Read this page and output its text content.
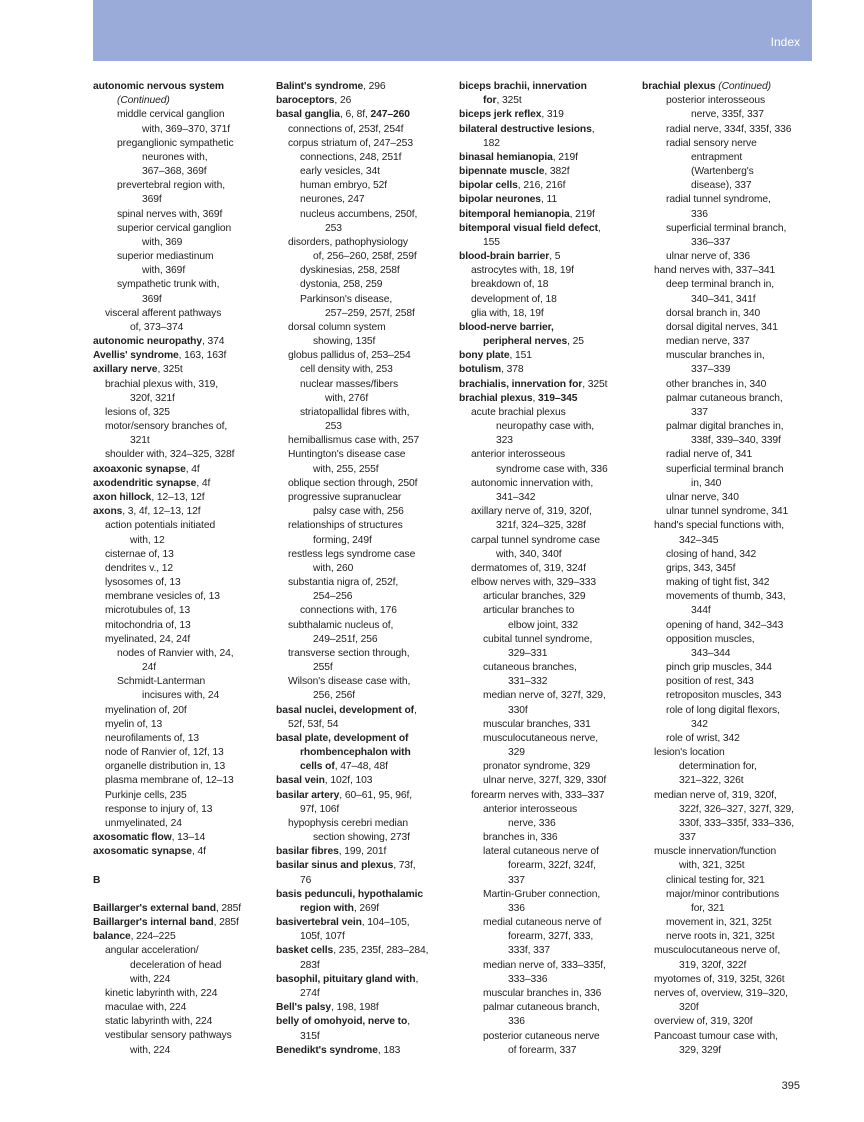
Index
autonomic nervous system
(Continued)
middle cervical ganglion
with, 369–370, 371f
preganglionic sympathetic
neurones with,
367–368, 369f
prevertebral region with,
369f
spinal nerves with, 369f
superior cervical ganglion
with, 369
superior mediastinum
with, 369f
sympathetic trunk with,
369f
visceral afferent pathways
of, 373–374
autonomic neuropathy, 374
Avellis' syndrome, 163, 163f
axillary nerve, 325t
brachial plexus with, 319,
320f, 321f
lesions of, 325
motor/sensory branches of,
321t
shoulder with, 324–325, 328f
axoaxonic synapse, 4f
axodendritic synapse, 4f
axon hillock, 12–13, 12f
axons, 3, 4f, 12–13, 12f
action potentials initiated
with, 12
cisternae of, 13
dendrites v., 12
lysosomes of, 13
membrane vesicles of, 13
microtubules of, 13
mitochondria of, 13
myelinated, 24, 24f
nodes of Ranvier with, 24,
24f
Schmidt-Lanterman
incisures with, 24
myelination of, 20f
myelin of, 13
neurofilaments of, 13
node of Ranvier of, 12f, 13
organelle distribution in, 13
plasma membrane of, 12–13
Purkinje cells, 235
response to injury of, 13
unmyelinated, 24
axosomatic flow, 13–14
axosomatic synapse, 4f
B
Baillarger's external band, 285f
Baillarger's internal band, 285f
balance, 224–225
angular acceleration/
deceleration of head
with, 224
kinetic labyrinth with, 224
maculae with, 224
static labyrinth with, 224
vestibular sensory pathways
with, 224
Balint's syndrome, 296
baroceptors, 26
basal ganglia, 6, 8f, 247–260
connections of, 253f, 254f
corpus striatum of, 247–253
connections, 248, 251f
early vesicles, 34t
human embryo, 52f
neurones, 247
nucleus accumbens, 250f,
253
disorders, pathophysiology
of, 256–260, 258f, 259f
dyskinesias, 258, 258f
dystonia, 258, 259
Parkinson's disease,
257–259, 257f, 258f
dorsal column system
showing, 135f
globus pallidus of, 253–254
cell density with, 253
nuclear masses/fibers
with, 276f
striatopallidal fibres with,
253
hemiballismus case with, 257
Huntington's disease case
with, 255, 255f
oblique section through, 250f
progressive supranuclear
palsy case with, 256
relationships of structures
forming, 249f
restless legs syndrome case
with, 260
substantia nigra of, 252f,
254–256
connections with, 176
subthalamic nucleus of,
249–251f, 256
transverse section through,
255f
Wilson's disease case with,
256, 256f
basal nuclei, development of,
52f, 53f, 54
basal plate, development of
rhombencephalon with
cells of, 47–48, 48f
basal vein, 102f, 103
basilar artery, 60–61, 95, 96f,
97f, 106f
hypophysis cerebri median
section showing, 273f
basilar fibres, 199, 201f
basilar sinus and plexus, 73f,
76
basis pedunculi, hypothalamic
region with, 269f
basivertebral vein, 104–105,
105f, 107f
basket cells, 235, 235f, 283–284,
283f
basophil, pituitary gland with,
274f
Bell's palsy, 198, 198f
belly of omohyoid, nerve to,
315f
Benedikt's syndrome, 183
biceps brachii, innervation
for, 325t
biceps jerk reflex, 319
bilateral destructive lesions,
182
binasal hemianopia, 219f
bipennate muscle, 382f
bipolar cells, 216, 216f
bipolar neurones, 11
bitemporal hemianopia, 219f
bitemporal visual field defect,
155
blood-brain barrier, 5
astrocytes with, 18, 19f
breakdown of, 18
development of, 18
glia with, 18, 19f
blood-nerve barrier,
peripheral nerves, 25
bony plate, 151
botulism, 378
brachialis, innervation for, 325t
brachial plexus, 319–345
acute brachial plexus
neuropathy case with,
323
anterior interosseous
syndrome case with, 336
autonomic innervation with,
341–342
axillary nerve of, 319, 320f,
321f, 324–325, 328f
carpal tunnel syndrome case
with, 340, 340f
dermatomes of, 319, 324f
elbow nerves with, 329–333
articular branches, 329
articular branches to
elbow joint, 332
cubital tunnel syndrome,
329–331
cutaneous branches,
331–332
median nerve of, 327f, 329,
330f
muscular branches, 331
musculocutaneous nerve,
329
pronator syndrome, 329
ulnar nerve, 327f, 329, 330f
forearm nerves with, 333–337
anterior interosseous
nerve, 336
branches in, 336
lateral cutaneous nerve of
forearm, 322f, 324f,
337
Martin-Gruber connection,
336
medial cutaneous nerve of
forearm, 327f, 333,
333f, 337
median nerve of, 333–335f,
333–336
muscular branches in, 336
palmar cutaneous branch,
336
posterior cutaneous nerve
of forearm, 337
brachial plexus (Continued)
posterior interosseous
nerve, 335f, 337
radial nerve, 334f, 335f, 336
radial sensory nerve
entrapment
(Wartenberg's
disease), 337
radial tunnel syndrome,
336
superficial terminal branch,
336–337
ulnar nerve of, 336
hand nerves with, 337–341
deep terminal branch in,
340–341, 341f
dorsal branch in, 340
dorsal digital nerves, 341
median nerve, 337
muscular branches in,
337–339
other branches in, 340
palmar cutaneous branch,
337
palmar digital branches in,
338f, 339–340, 339f
radial nerve of, 341
superficial terminal branch
in, 340
ulnar nerve, 340
ulnar tunnel syndrome, 341
hand's special functions with,
342–345
closing of hand, 342
grips, 343, 345f
making of tight fist, 342
movements of thumb, 343,
344f
opening of hand, 342–343
opposition muscles,
343–344
pinch grip muscles, 344
position of rest, 343
retropositon muscles, 343
role of long digital flexors,
342
role of wrist, 342
lesion's location
determination for,
321–322, 326t
median nerve of, 319, 320f,
322f, 326–327, 327f, 329,
330f, 333–335f, 333–336,
337
muscle innervation/function
with, 321, 325t
clinical testing for, 321
major/minor contributions
for, 321
movement in, 321, 325t
nerve roots in, 321, 325t
musculocutaneous nerve of,
319, 320f, 322f
myotomes of, 319, 325t, 326t
nerves of, overview, 319–320,
320f
overview of, 319, 320f
Pancoast tumour case with,
329, 329f
395
